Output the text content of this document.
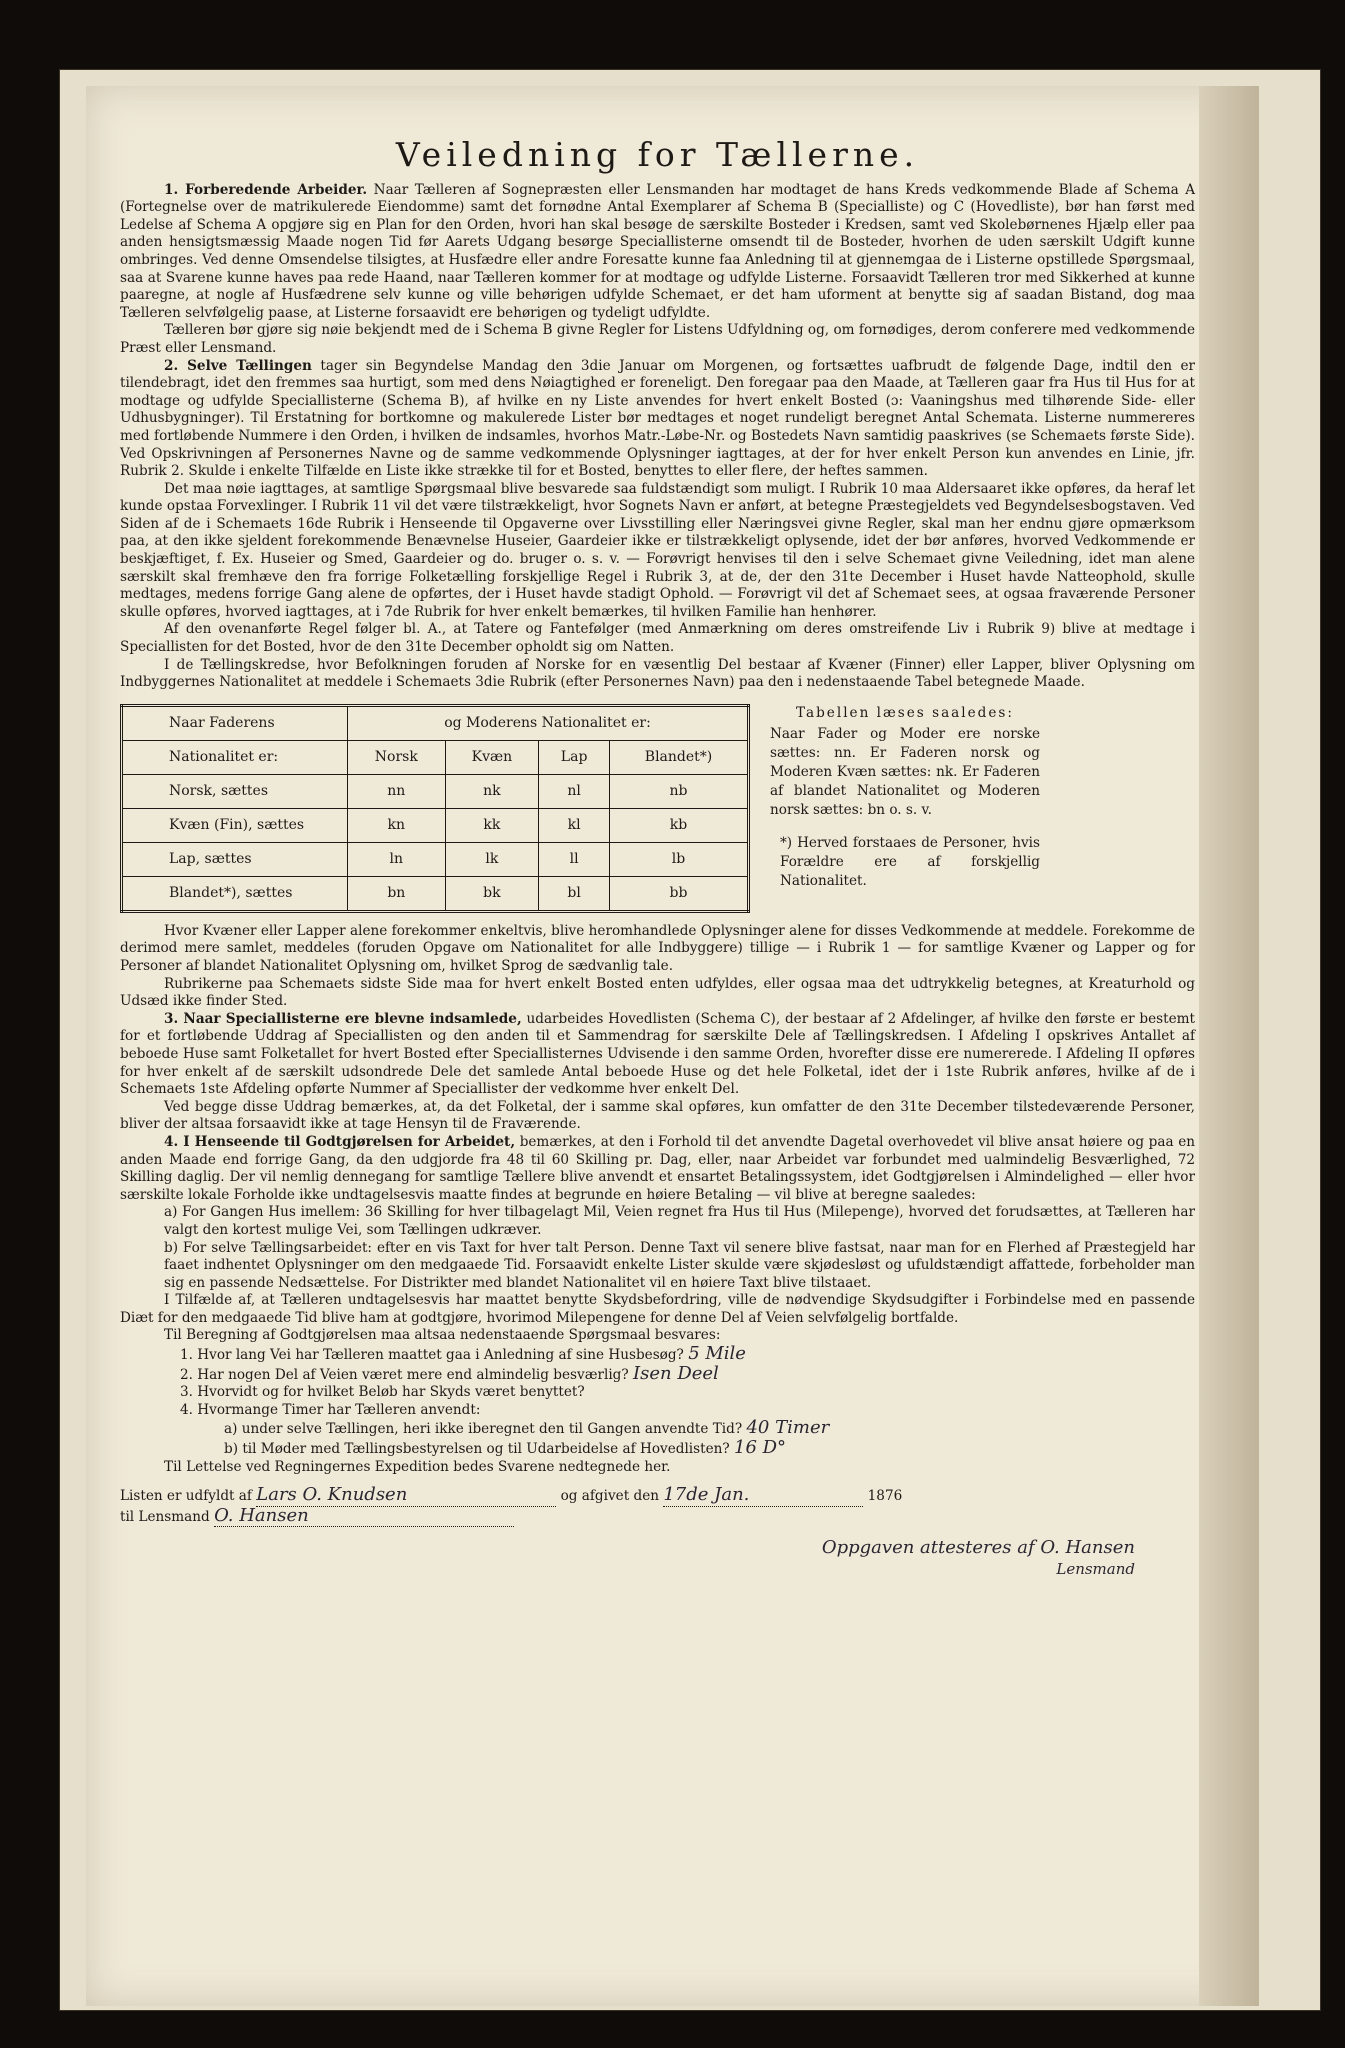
Veiledning for Tællerne.

1. Forberedende Arbeider. Naar Tælleren af Sognepræsten eller Lensmanden har modtaget de hans Kreds vedkommende Blade af Schema A (Fortegnelse over de matrikulerede Eiendomme) samt det fornødne Antal Exemplarer af Schema B (Specialliste) og C (Hovedliste), bør han først med Ledelse af Schema A opgjøre sig en Plan for den Orden, hvori han skal besøge de særskilte Bosteder i Kredsen, samt ved Skolebørnenes Hjælp eller paa anden hensigtsmæssig Maade nogen Tid før Aarets Udgang besørge Speciallisterne omsendt til de Bosteder, hvorhen de uden særskilt Udgift kunne ombringes. Ved denne Omsendelse tilsigtes, at Husfædre eller andre Foresatte kunne faa Anledning til at gjennemgaa de i Listerne opstillede Spørgsmaal, saa at Svarene kunne haves paa rede Haand, naar Tælleren kommer for at modtage og udfylde Listerne. Forsaavidt Tælleren tror med Sikkerhed at kunne paaregne, at nogle af Husfædrene selv kunne og ville behørigen udfylde Schemaet, er det ham uforment at benytte sig af saadan Bistand, dog maa Tælleren selvfølgelig paase, at Listerne forsaavidt ere behørigen og tydeligt udfyldte.

Tælleren bør gjøre sig nøie bekjendt med de i Schema B givne Regler for Listens Udfyldning og, om fornødiges, derom conferere med vedkommende Præst eller Lensmand.

2. Selve Tællingen tager sin Begyndelse Mandag den 3die Januar om Morgenen, og fortsættes uafbrudt de følgende Dage, indtil den er tilendebragt, idet den fremmes saa hurtigt, som med dens Nøiagtighed er foreneligt. Den foregaar paa den Maade, at Tælleren gaar fra Hus til Hus for at modtage og udfylde Speciallisterne (Schema B), af hvilke en ny Liste anvendes for hvert enkelt Bosted (ɔ: Vaaningshus med tilhørende Side- eller Udhusbygninger). Til Erstatning for bortkomne og makulerede Lister bør medtages et noget rundeligt beregnet Antal Schemata. Listerne nummereres med fortløbende Nummere i den Orden, i hvilken de indsamles, hvorhos Matr.-Løbe-Nr. og Bostedets Navn samtidig paaskrives (se Schemaets første Side). Ved Opskrivningen af Personernes Navne og de samme vedkommende Oplysninger iagttages, at der for hver enkelt Person kun anvendes en Linie, jfr. Rubrik 2. Skulde i enkelte Tilfælde en Liste ikke strække til for et Bosted, benyttes to eller flere, der heftes sammen.

Det maa nøie iagttages, at samtlige Spørgsmaal blive besvarede saa fuldstændigt som muligt. I Rubrik 10 maa Aldersaaret ikke opføres, da heraf let kunde opstaa Forvexlinger. I Rubrik 11 vil det være tilstrækkeligt, hvor Sognets Navn er anført, at betegne Præstegjeldets ved Begyndelsesbogstaven. Ved Siden af de i Schemaets 16de Rubrik i Henseende til Opgaverne over Livsstilling eller Næringsvei givne Regler, skal man her endnu gjøre opmærksom paa, at den ikke sjeldent forekommende Benævnelse Huseier, Gaardeier ikke er tilstrækkeligt oplysende, idet der bør anføres, hvorved Vedkommende er beskjæftiget, f. Ex. Huseier og Smed, Gaardeier og do. bruger o. s. v. — Forøvrigt henvises til den i selve Schemaet givne Veiledning, idet man alene særskilt skal fremhæve den fra forrige Folketælling forskjellige Regel i Rubrik 3, at de, der den 31te December i Huset havde Natteophold, skulle medtages, medens forrige Gang alene de opførtes, der i Huset havde stadigt Ophold. — Forøvrigt vil det af Schemaet sees, at ogsaa fraværende Personer skulle opføres, hvorved iagttages, at i 7de Rubrik for hver enkelt bemærkes, til hvilken Familie han henhører.

Af den ovenanførte Regel følger bl. A., at Tatere og Fantefølger (med Anmærkning om deres omstreifende Liv i Rubrik 9) blive at medtage i Speciallisten for det Bosted, hvor de den 31te December opholdt sig om Natten.

I de Tællingskredse, hvor Befolkningen foruden af Norske for en væsentlig Del bestaar af Kvæner (Finner) eller Lapper, bliver Oplysning om Indbyggernes Nationalitet at meddele i Schemaets 3die Rubrik (efter Personernes Navn) paa den i nedenstaaende Tabel betegnede Maade.

Naar Faderens	og Moderens Nationalitet er:			
Nationalitet er:	Norsk	Kvæn	Lap	Blandet*)
Norsk, sættes	nn	nk	nl	nb
Kvæn (Fin), sættes	kn	kk	kl	kb
Lap, sættes	ln	lk	ll	lb
Blandet*), sættes	bn	bk	bl	bb
Tabellen læses saaledes:
Naar Fader og Moder ere norske sættes: nn. Er Faderen norsk og Moderen Kvæn sættes: nk. Er Faderen af blandet Nationalitet og Moderen norsk sættes: bn o. s. v.
*) Herved forstaaes de Personer, hvis Forældre ere af forskjellig Nationalitet.

Hvor Kvæner eller Lapper alene forekommer enkeltvis, blive heromhandlede Oplysninger alene for disses Vedkommende at meddele. Forekomme de derimod mere samlet, meddeles (foruden Opgave om Nationalitet for alle Indbyggere) tillige — i Rubrik 1 — for samtlige Kvæner og Lapper og for Personer af blandet Nationalitet Oplysning om, hvilket Sprog de sædvanlig tale.

Rubrikerne paa Schemaets sidste Side maa for hvert enkelt Bosted enten udfyldes, eller ogsaa maa det udtrykkelig betegnes, at Kreaturhold og Udsæd ikke finder Sted.

3. Naar Speciallisterne ere blevne indsamlede, udarbeides Hovedlisten (Schema C), der bestaar af 2 Afdelinger, af hvilke den første er bestemt for et fortløbende Uddrag af Speciallisten og den anden til et Sammendrag for særskilte Dele af Tællingskredsen. I Afdeling I opskrives Antallet af beboede Huse samt Folketallet for hvert Bosted efter Speciallisternes Udvisende i den samme Orden, hvorefter disse ere numererede. I Afdeling II opføres for hver enkelt af de særskilt udsondrede Dele det samlede Antal beboede Huse og det hele Folketal, idet der i 1ste Rubrik anføres, hvilke af de i Schemaets 1ste Afdeling opførte Nummer af Speciallister der vedkomme hver enkelt Del.

Ved begge disse Uddrag bemærkes, at, da det Folketal, der i samme skal opføres, kun omfatter de den 31te December tilstedeværende Personer, bliver der altsaa forsaavidt ikke at tage Hensyn til de Fraværende.

4. I Henseende til Godtgjørelsen for Arbeidet, bemærkes, at den i Forhold til det anvendte Dagetal overhovedet vil blive ansat høiere og paa en anden Maade end forrige Gang, da den udgjorde fra 48 til 60 Skilling pr. Dag, eller, naar Arbeidet var forbundet med ualmindelig Besværlighed, 72 Skilling daglig. Der vil nemlig dennegang for samtlige Tællere blive anvendt et ensartet Betalingssystem, idet Godtgjørelsen i Almindelighed — eller hvor særskilte lokale Forholde ikke undtagelsesvis maatte findes at begrunde en høiere Betaling — vil blive at beregne saaledes:

a) For Gangen Hus imellem: 36 Skilling for hver tilbagelagt Mil, Veien regnet fra Hus til Hus (Milepenge), hvorved det forudsættes, at Tælleren har valgt den kortest mulige Vei, som Tællingen udkræver.
b) For selve Tællingsarbeidet: efter en vis Taxt for hver talt Person. Denne Taxt vil senere blive fastsat, naar man for en Flerhed af Præstegjeld har faaet indhentet Oplysninger om den medgaaede Tid. Forsaavidt enkelte Lister skulde være skjødesløst og ufuldstændigt affattede, forbeholder man sig en passende Nedsættelse. For Distrikter med blandet Nationalitet vil en høiere Taxt blive tilstaaet.

I Tilfælde af, at Tælleren undtagelsesvis har maattet benytte Skydsbefordring, ville de nødvendige Skydsudgifter i Forbindelse med en passende Diæt for den medgaaede Tid blive ham at godtgjøre, hvorimod Milepengene for denne Del af Veien selvfølgelig bortfalde.

Til Beregning af Godtgjørelsen maa altsaa nedenstaaende Spørgsmaal besvares:

1. Hvor lang Vei har Tælleren maattet gaa i Anledning af sine Husbesøg? 5 Mile
2. Har nogen Del af Veien været mere end almindelig besværlig? Isen Deel
3. Hvorvidt og for hvilket Beløb har Skyds været benyttet?
4. Hvormange Timer har Tælleren anvendt:
a) under selve Tællingen, heri ikke iberegnet den til Gangen anvendte Tid? 40 Timer
b) til Møder med Tællingsbestyrelsen og til Udarbeidelse af Hovedlisten? 16 D°

Til Lettelse ved Regningernes Expedition bedes Svarene nedtegnede her.

Listen er udfyldt af Lars O. Knudsen	og afgivet den 17de Jan.	1876
til Lensmand O. Hansen
Oppgaven attesteres af O. Hansen
Lensmand
